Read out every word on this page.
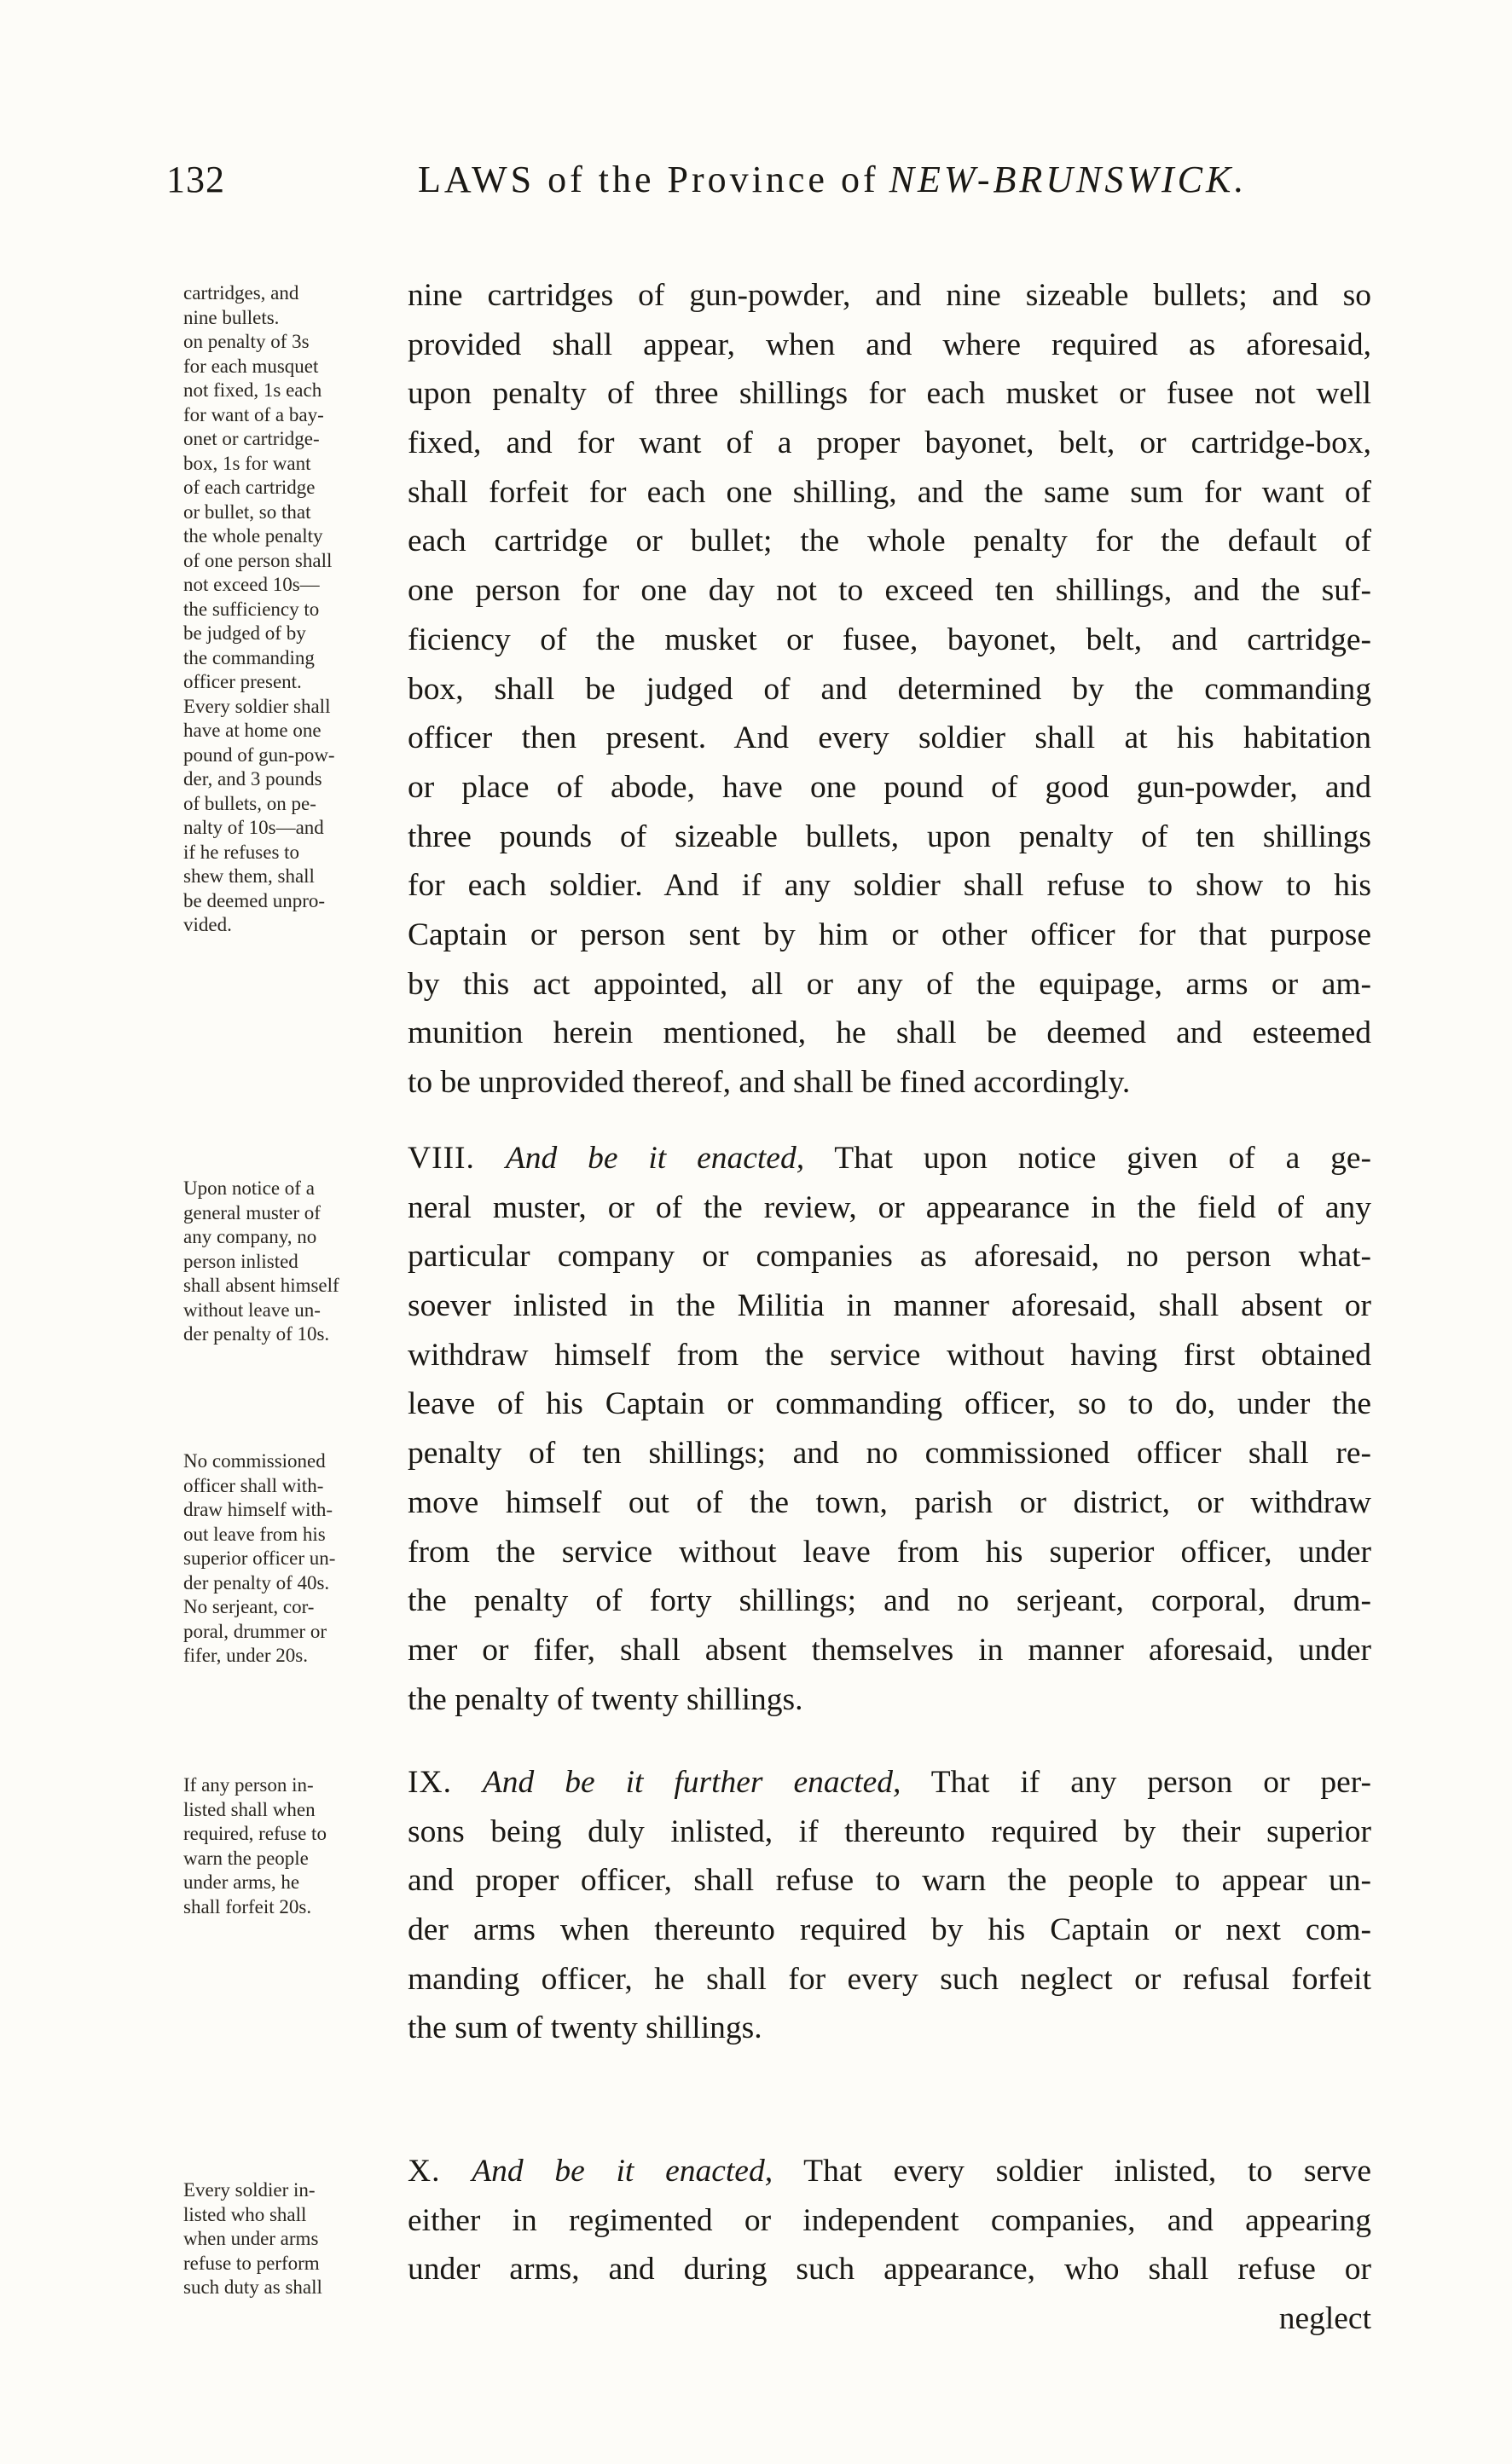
132	LAWS of the Province of NEW-BRUNSWICK.
cartridges, and
nine bullets.
on penalty of 3s
for each musquet
not fixed, 1s each
for want of a bay-
onet or cartridge-
box, 1s for want
of each cartridge
or bullet, so that
the whole penalty
of one person shall
not exceed 10s—
the sufficiency to
be judged of by
the commanding
officer present.
Every soldier shall
have at home one
pound of gun-pow-
der, and 3 pounds
of bullets, on pe-
nalty of 10s—and
if he refuses to
shew them, shall
be deemed unpro-
vided.
Upon notice of a
general muster of
any company, no
person inlisted
shall absent himself
without leave un-
der penalty of 10s.
No commissioned
officer shall with-
draw himself with-
out leave from his
superior officer un-
der penalty of 40s.
No serjeant, cor-
poral, drummer or
fifer, under 20s.
If any person in-
listed shall when
required, refuse to
warn the people
under arms, he
shall forfeit 20s.
Every soldier in-
listed who shall
when under arms
refuse to perform
such duty as shall
nine cartridges of gun-powder, and nine sizeable bullets; and so
provided shall appear, when and where required as aforesaid,
upon penalty of three shillings for each musket or fusee not well
fixed, and for want of a proper bayonet, belt, or cartridge-box,
shall forfeit for each one shilling, and the same sum for want of
each cartridge or bullet; the whole penalty for the default of
one person for one day not to exceed ten shillings, and the suf-
ficiency of the musket or fusee, bayonet, belt, and cartridge-
box, shall be judged of and determined by the commanding
officer then present. And every soldier shall at his habitation
or place of abode, have one pound of good gun-powder, and
three pounds of sizeable bullets, upon penalty of ten shillings
for each soldier. And if any soldier shall refuse to show to his
Captain or person sent by him or other officer for that purpose
by this act appointed, all or any of the equipage, arms or am-
munition herein mentioned, he shall be deemed and esteemed
to be unprovided thereof, and shall be fined accordingly.
VIII. And be it enacted, That upon notice given of a ge-
neral muster, or of the review, or appearance in the field of any
particular company or companies as aforesaid, no person what-
soever inlisted in the Militia in manner aforesaid, shall absent or
withdraw himself from the service without having first obtained
leave of his Captain or commanding officer, so to do, under the
penalty of ten shillings; and no commissioned officer shall re-
move himself out of the town, parish or district, or withdraw
from the service without leave from his superior officer, under
the penalty of forty shillings; and no serjeant, corporal, drum-
mer or fifer, shall absent themselves in manner aforesaid, under
the penalty of twenty shillings.
IX. And be it further enacted, That if any person or per-
sons being duly inlisted, if thereunto required by their superior
and proper officer, shall refuse to warn the people to appear un-
der arms when thereunto required by his Captain or next com-
manding officer, he shall for every such neglect or refusal forfeit
the sum of twenty shillings.
X. And be it enacted, That every soldier inlisted, to serve
either in regimented or independent companies, and appearing
under arms, and during such appearance, who shall refuse or
neglect
